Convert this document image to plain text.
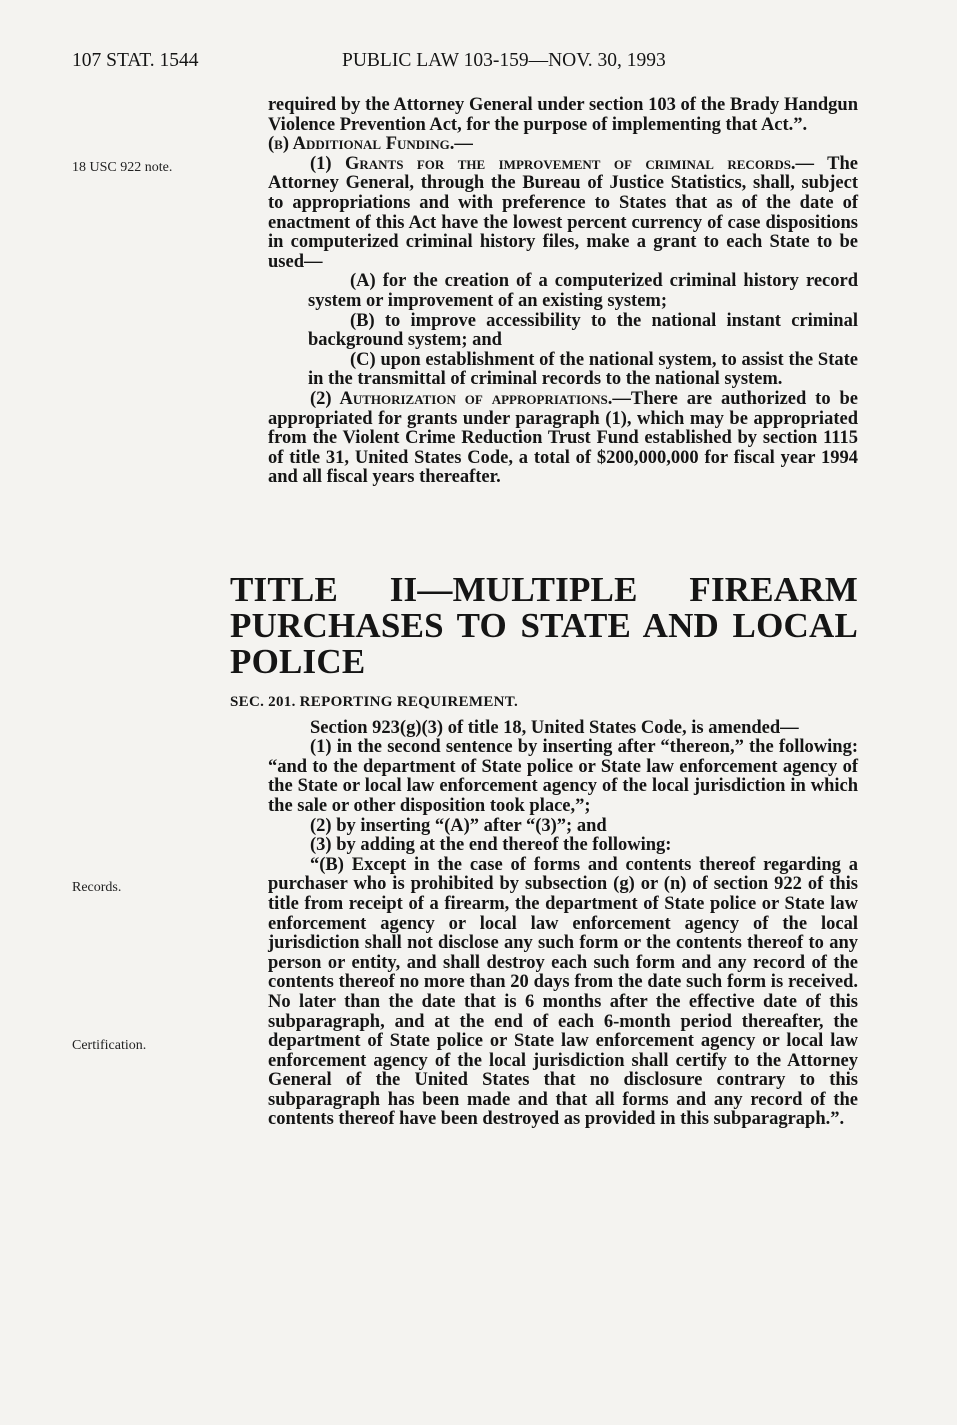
107 STAT. 1544	PUBLIC LAW 103-159—NOV. 30, 1993
18 USC 922 note.
Records.
Certification.

required by the Attorney General under section 103 of the Brady Handgun Violence Prevention Act, for the purpose of implementing that Act.”.

(b) Additional Funding.—

(1) Grants for the improvement of criminal records.— The Attorney General, through the Bureau of Justice Statistics, shall, subject to appropriations and with preference to States that as of the date of enactment of this Act have the lowest percent currency of case dispositions in computerized criminal history files, make a grant to each State to be used—

(A) for the creation of a computerized criminal history record system or improvement of an existing system;

(B) to improve accessibility to the national instant criminal background system; and

(C) upon establishment of the national system, to assist the State in the transmittal of criminal records to the national system.

(2) Authorization of appropriations.—There are authorized to be appropriated for grants under paragraph (1), which may be appropriated from the Violent Crime Reduction Trust Fund established by section 1115 of title 31, United States Code, a total of $200,000,000 for fiscal year 1994 and all fiscal years thereafter.

TITLE II—MULTIPLE FIREARM PURCHASES TO STATE AND LOCAL POLICE

SEC. 201. REPORTING REQUIREMENT.

Section 923(g)(3) of title 18, United States Code, is amended—

(1) in the second sentence by inserting after “thereon,” the following: “and to the department of State police or State law enforcement agency of the State or local law enforcement agency of the local jurisdiction in which the sale or other disposition took place,”;

(2) by inserting “(A)” after “(3)”; and

(3) by adding at the end thereof the following:

“(B) Except in the case of forms and contents thereof regarding a purchaser who is prohibited by subsection (g) or (n) of section 922 of this title from receipt of a firearm, the department of State police or State law enforcement agency or local law enforcement agency of the local jurisdiction shall not disclose any such form or the contents thereof to any person or entity, and shall destroy each such form and any record of the contents thereof no more than 20 days from the date such form is received. No later than the date that is 6 months after the effective date of this subparagraph, and at the end of each 6-month period thereafter, the department of State police or State law enforcement agency or local law enforcement agency of the local jurisdiction shall certify to the Attorney General of the United States that no disclosure contrary to this subparagraph has been made and that all forms and any record of the contents thereof have been destroyed as provided in this subparagraph.”.
